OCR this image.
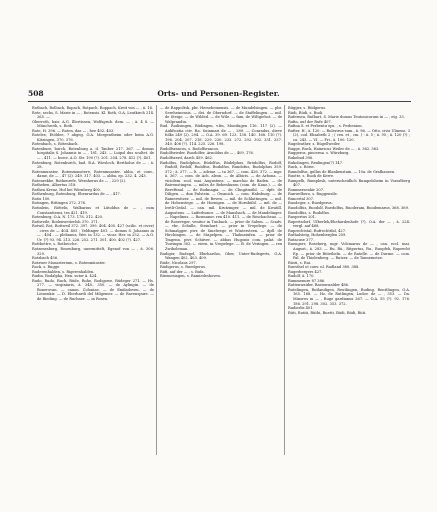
508	Orts- und Personen-Register.

Rotbach, Rolbach, Ropach, Rotpach, Roppach, Kreit von — , ä. 16.

Rote, sechs, S. Marie in — , Rotensis. Kl. Roth, O.A. Leutkirch 214. 265. —

Oberroth, bair. A.G. Illertissen, Wolfsgrub. dem. — , ä. 4 8. — Münchroth, s. Roth.

Rote, H. 396. — Roten, das — , hee 402. 403.

Rotelee, Etöldee, ? abgeg. O.A. Mergentheim oder beim A.G. Kitzingen, 370. 376.

Rotenbach, s. Rötenbach.

Rotenbure, burch, Rotenburg a. d. Tauber 217. 367. — domus hospitalis S. Johannis in — , 181. 243. — Luipol dus scultet. de — , 411. — burcr. A.O. Str. 190 (?). 201. 254. 278. 412 (?). 401.

Rotenburg, Rotenburch, bad. B.A. Wiesloch, Bertholus de — , ä. 28.

Rotenmunster, Rotenmunstere, Rotenmunster, abba, et conv., dame, de — , 47 (2). 249. 317. 403. — abba, ep. 232. 4. 243.

Rotenrekhe, Rothenrefe, Wernherus de — , 229 (2).

Rotheben, Albertus 318.

Rothen Kreuz, Hof bei Wörnberg 400.

Rothenburg, Rotenburg, Ebenrardus de — , 417.

Rotis 100.

Rotingen, Rittingen 372. 376.

Rotinlein, Rötteln, Walbarius et Lütoldus de — , cum Constantiensi, tes 421. 419.

Rotenburg, O.A. N. 173. 178. 312. 420.

Rottweile, Rodenweiterloh 370. 371.

Rotwil, Rot, Rottweil 372. 397. 399. 404. 405. 427 (scilic. et civez) . cives de — 404. 405 ; Veldinger 401. — domus S. Johannis in — , 404 . — plebanus, Wer. in 132. — vicar. Her. in 252. — A.O. Ur. (?) 93. 94. 213. 226. 252. 271. 301. 400. 402 (?). 427.

Rottbottre, s. Rotbecche.

Rotzenesberg, Rosenburg, unermittelt, Egenof von — , ä. 306. 329.

Rotzbach 456.

Rotzwer Monasterium, s. Rotenmünster.

Rock, s. Rugge.

Ruderenhalden, s. Rigerenhalden.

Rudin, Rodalpha, Hen. sutor ä. 424.

Rudo, Rudo, Ruch, Rüde, Ruhe, Rodigowe, Rüdeger 271. — Hs. 277. — virginiaris, ä. 348., 350. — de Aylingin. — de Bonerovan. — canon. Coloniae. — de Emiladoven. — de Lienenkir. — D. Eberhardi del Milgemer. — de Ravenspure. — de Rieding. — de Ruchner. — in Rosen.

— de Rappoltsk. pbr. Hersebeinensis. — de Mundelsingen. — pbr. Sereheinensis. — dei. de Oberndorf. — de Staffelingen. — mil. de Steige. — de Wilded. — de Wile. — fam. de Wiltgiehot. — de Walprandin.

Rud. Rodisingen, Rüdingen, v.fm, Montfagen 116. 117 (2). — Aidificatia ctiv. Ra. Suinmari de — , 289. — Conradus, dieve folks 249 (2). 294. — O.A. 39. 69. 123. 138. 140. 168. 110 (?). 196. 204. 207. 218. 229. 230. 233. 272. 292. 302. 331. 337. 340. 406 (?). 114. 225. 226. 198.

Rudolfsrancos, s. Rodolfsrancos.

Rudolfsrieder, Ruodolfer, Arnoldus de — , 409. 176.

Rudolfszerd, darch 459. 462.

Rudolfus, Rudolphus, Rüdolfus, Rüdelphus, Rrüdolfus, Rodolf, Rudolf, Rrdolf, Ruödfus, Rudolfus, Rundofus, Rudolphus 359. 372 ; ä. 377. — lt. — adviae. — ta 367. — com. 426. 372. — mgr. ä. 367. — com. de Ach. aleon. — de Albicis. — de Arbona. — viciolem. scol. mai. Augustens. — marchio de Baden. — de Baivenstingen. — miles de Bebenhusen (com. de Kanz.). — de Bereftinal. — de Bodmagia. — de Clingitmühl. — dpfr. de Diligen. — dux Pulstein. — Gwanich. — com. Habsburg. — de Ramerwitzer. — mil. de Reven. — mil. de Schlattingen. — mil. de Hohenstege. — de Hornigen. — de Hornbühl. — mil. de — Iretli-Gedal. — can. mil. Krutzinger. — mil. de Kwatill. Augustens. — Laiferhunce. — de Mansbach. — de Mandelinger. — Napelinus. — Rosmanor. rex 410. 411. — de Roschachsuo. — de Roseveger, venitor in Tunbach. — prior de Salem. — Scadv. — vbr. Schulle, Steinhurt. — prior in Vrepelege. — de Schmalgger. pivr. de Smelwege et Wintersteen. — dpfl. de Hirchingen. — de Stapelpen. — Thalmeiufen. — prior de Tmgenn. pivr. Schiiver. — abbas Hugonis com. palat. de Tuwingin 302. — eiern. in Vrepelege. — B. de Veringen. — rex Zwiboleman.

Rudiger, Rudegel, Ebirhardus, Ober, Unter-Rudegerts, O.A. Wangen 402. 403. 409.

Rüde, Nicolaus 297.

Rüdigerus, s. Ruedgerus.

Rüfi, auf der — , s. Rufa.

Rüemesiagen, s. Ramiedeshoven.

Rügger, s. Rüdgerus.

Rüdi, Rüdi, s. Rudi.

Ruferneu, Rufbart, S. Marie domus Teutonicorum in — , eig. 33.

Rufin, auf der Rufe 407.

Rufina S. et Perbentu eps. , s. Perbenion.

Rufter. H., ä. 120. — Rulerirus sum., ä. 96. — Otto, civis Ulmens. 3 (2), cod. Elisabeth 2 ; ( cex. et , cm. ) : ä. 5 ; ä. 95 ; ä. 120 (?) ; ca. 243. — VI. — Fri., ä. 100. 120.

Rugeleuther, s. Rügellweiler.

Rugge, Ruck, Hainricus Weiler de — , ä. 362. 363.

Ruggeros, pincerna. s. Würzburg.

Rukebud 396.

Rukolingen, Rexlingen(?) 147.

Ruch, s. Rörie.

Rumdolfus, gullus de Blankenstain. — 10a. de Grafhausen.

Ruotte, s. Ruoh de Kerre.

Rumpelh, Rumplesh, unterscheidlich Rumpelsheim in Vorarlberg 407.

Rommersenhir 207.

Runwelbero, s. Ruggensile.

Runcirtal 307.

Ruodeger, s. Ruodgerus.

Ruodolfus, Ruodolf, Ruedolfus, Ruoderam, Ruodemarus, 368. 369.

Ruodolfus, s. Rudolfus.

Ruopertus 201.

Rupertsdorf, Ufberleh/Ehehardenhofe (?), O.A. der — , ä. 224. vergl. auf 468.

Ruprechtstal, Rufrechttfal, 427.

Ruthalsteig, Hohenberglen 259.

Rutacuse 377.

Ruengerr, Roseberg, mgr. Volcmarus de — , can. eccl. mai. August., ä. 283. — Ru. Rü., Ritpertus, Ru., Ruopfeh, Ruprecht Ep. — prior de Rüteiheln. — de Ratelle. — de Durme. — com. Pal. de Thielenberg. — Rutzer. — de Tannemotze.

Rüsti, s. Rui.

Ruesthel ot conv. nl. Radland 380. 388.

Rugerbergers 427.

Rudolf, ä. 170.

Rummenure 87 386.

Ruttenwaider, Rastenwalder 486.

Rutelingen, Rutlandigen, Reutlingen, Ruding. Renttlingen, O.A. 165. 168. — Hz. de Rutlingen, Ludov. de — , 353. — Da. Minores in — , Ruge gardianus 267. — O.A. 55 (?). 92. 176. 186. 291. 298. 302. 353. 372.

Rudierlis 401.

Rüti, Rutiti, Rüthi, Ruetti, Rüdi, Rüdi, Rüti.
